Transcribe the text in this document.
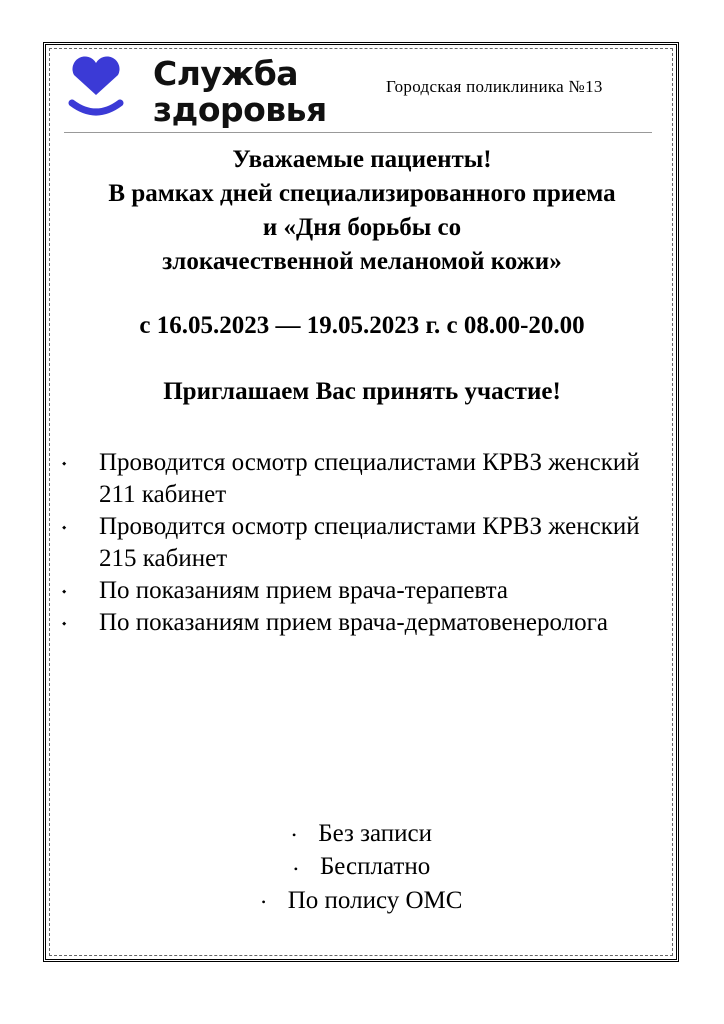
Служба
здоровья
Городская поликлиника №13
Уважаемые пациенты!
В рамках дней специализированного приема
и «Дня борьбы со
злокачественной меланомой кожи»
с 16.05.2023 — 19.05.2023 г. с 08.00-20.00
Приглашаем Вас принять участие!
⬩ Проводится осмотр специалистами КРВЗ женский 211 кабинет
⬩ Проводится осмотр специалистами КРВЗ женский 215 кабинет
⬩ По показаниям прием врача-терапевта
⬩ По показаниям прием врача-дерматовенеролога
• Без записи
• Бесплатно
• По полису ОМС
